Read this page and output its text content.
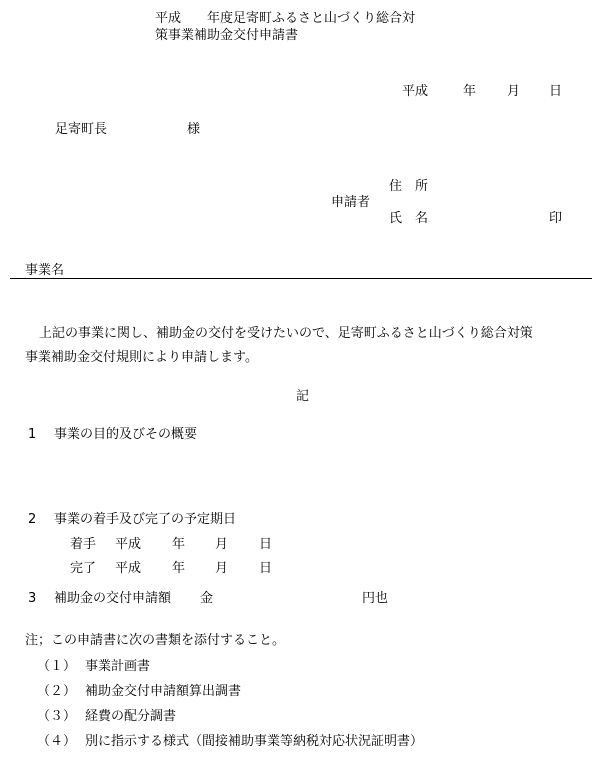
平成　　年度足寄町ふるさと山づくり総合対
策事業補助金交付申請書
平成	年 月 日
足寄町長	様
住　所
申請者
氏　名	印
事業名
上記の事業に関し、補助金の交付を受けたいので、足寄町ふるさと山づくり総合対策
事業補助金交付規則により申請します。
記
1 事業の目的及びその概要
2 事業の着手及び完了の予定期日
着手 平成 年 月 日
完了 平成 年 月 日
3 補助金の交付申請額 金	円也
注；この申請書に次の書類を添付すること。
（１） 事業計画書
（２） 補助金交付申請額算出調書
（３） 経費の配分調書
（４） 別に指示する様式（間接補助事業等納税対応状況証明書）
